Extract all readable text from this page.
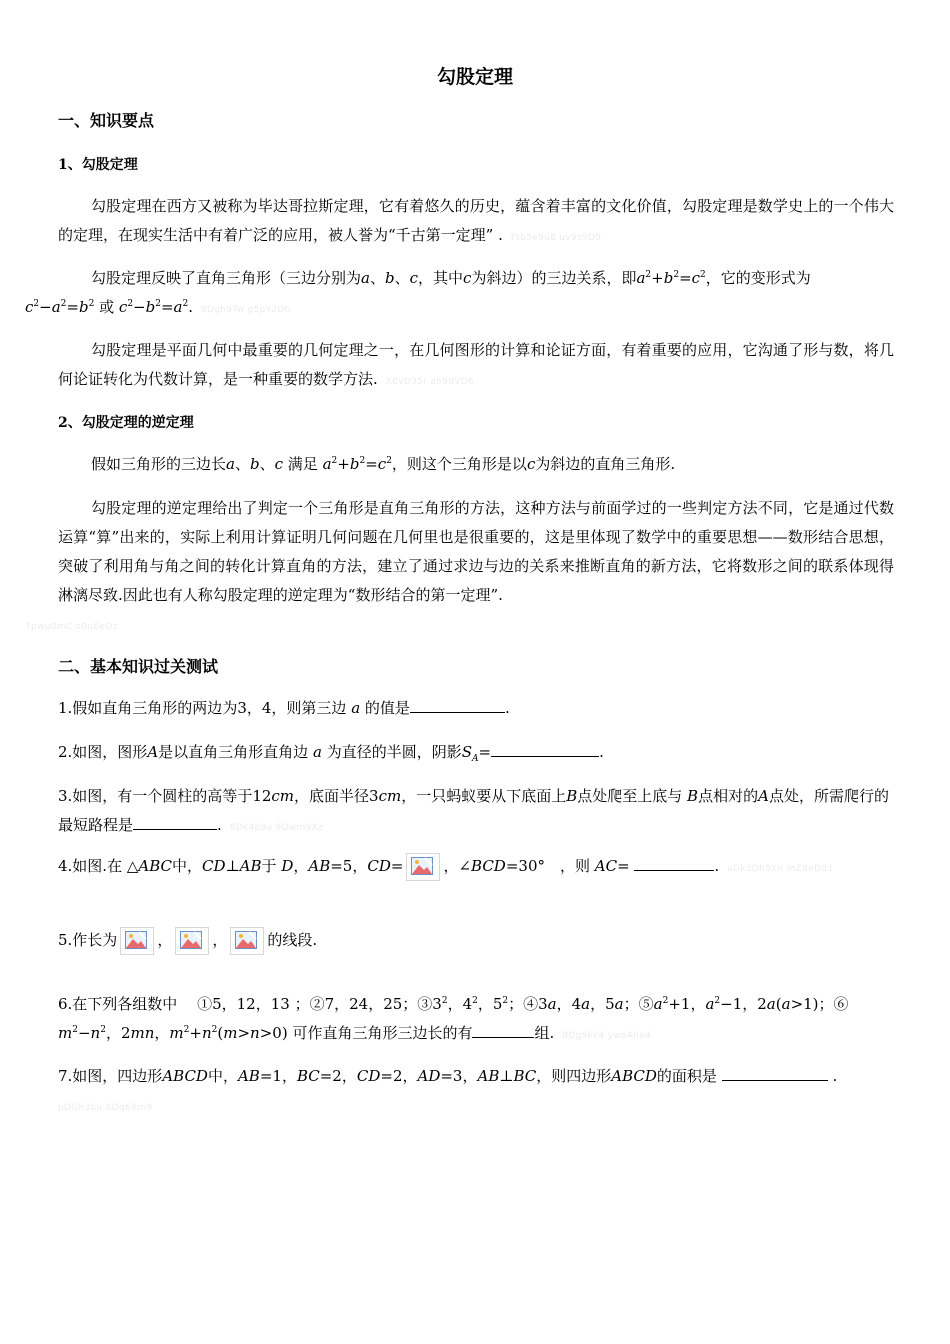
勾股定理
一、知识要点
1、勾股定理
勾股定理在西方又被称为毕达哥拉斯定理，它有着悠久的历史，蕴含着丰富的文化价值，勾股定理是数学史上的一个伟大的定理，在现实生活中有着广泛的应用，被人誉为“千古第一定理” . Ftb3e9u8 uv9s9D9
勾股定理反映了直角三角形（三边分别为a、b、c，其中c为斜边）的三边关系，即$a^2+b^2=c^2$，它的变形式为
$c^2-a^2=b^2$ 或 $c^2-b^2=a^2$. 9Dgh9Tw g5pY2Dh
勾股定理是平面几何中最重要的几何定理之一，在几何图形的计算和论证方面，有着重要的应用，它沟通了形与数，将几何论证转化为代数计算，是一种重要的数学方法. X8vD35r ab9dVD6
2、勾股定理的逆定理
假如三角形的三边长a、b、c 满足 $a^2+b^2=c^2$，则这个三角形是以c为斜边的直角三角形.
勾股定理的逆定理给出了判定一个三角形是直角三角形的方法，这种方法与前面学过的一些判定方法不同，它是通过代数运算“算”出来的，实际上利用计算证明几何问题在几何里也是很重要的，这是里体现了数学中的重要思想——数形结合思想，突破了利用角与角之间的转化计算直角的方法，建立了通过求边与边的关系来推断直角的新方法，它将数形之间的联系体现得淋漓尽致.因此也有人称勾股定理的逆定理为“数形结合的第一定理”.
7pwu0mC o0u6eOz
二、基本知识过关测试
1.假如直角三角形的两边为3，4，则第三边 a 的值是	.
2.如图，图形A是以直角三角形直角边 a 为直径的半圆，阴影$S_A=$	.
3.如图，有一个圆柱的高等于12cm，底面半径3cm，一只蚂蚁要从下底面上B点处爬至上底与 B点相对的A点处，所需爬行的最短路程是	. 8Dk4b9a 9Dwm9Xz
4.如图.在 △ABC中，CD⊥AB于 D，AB=5，CD=	，∠BCD=30°　，则 AC=	. aDk3Dh9Xn mZ8eDd1
5.作长为	，	，	的线段.
6.在下列各组数中　 ①5，12，13 ；②7，24，25；$③3^2$，$4^2$，$5^2$；④3a，4a，5a；$⑤a^2+1$，$a^2-1$，2a(a>1)；⑥
$m^2-n^2$，2mn，$m^2+n^2(m>n>0)$ 可作直角三角形三边长的有	组. 8Dg9kk4 ywoAhe4
7.如图，四边形ABCD中，AB=1，BC=2，CD=2，AD=3，AB⊥BC，则四边形ABCD的面积是	.
pDGh3bu 8Dq6Xm9
